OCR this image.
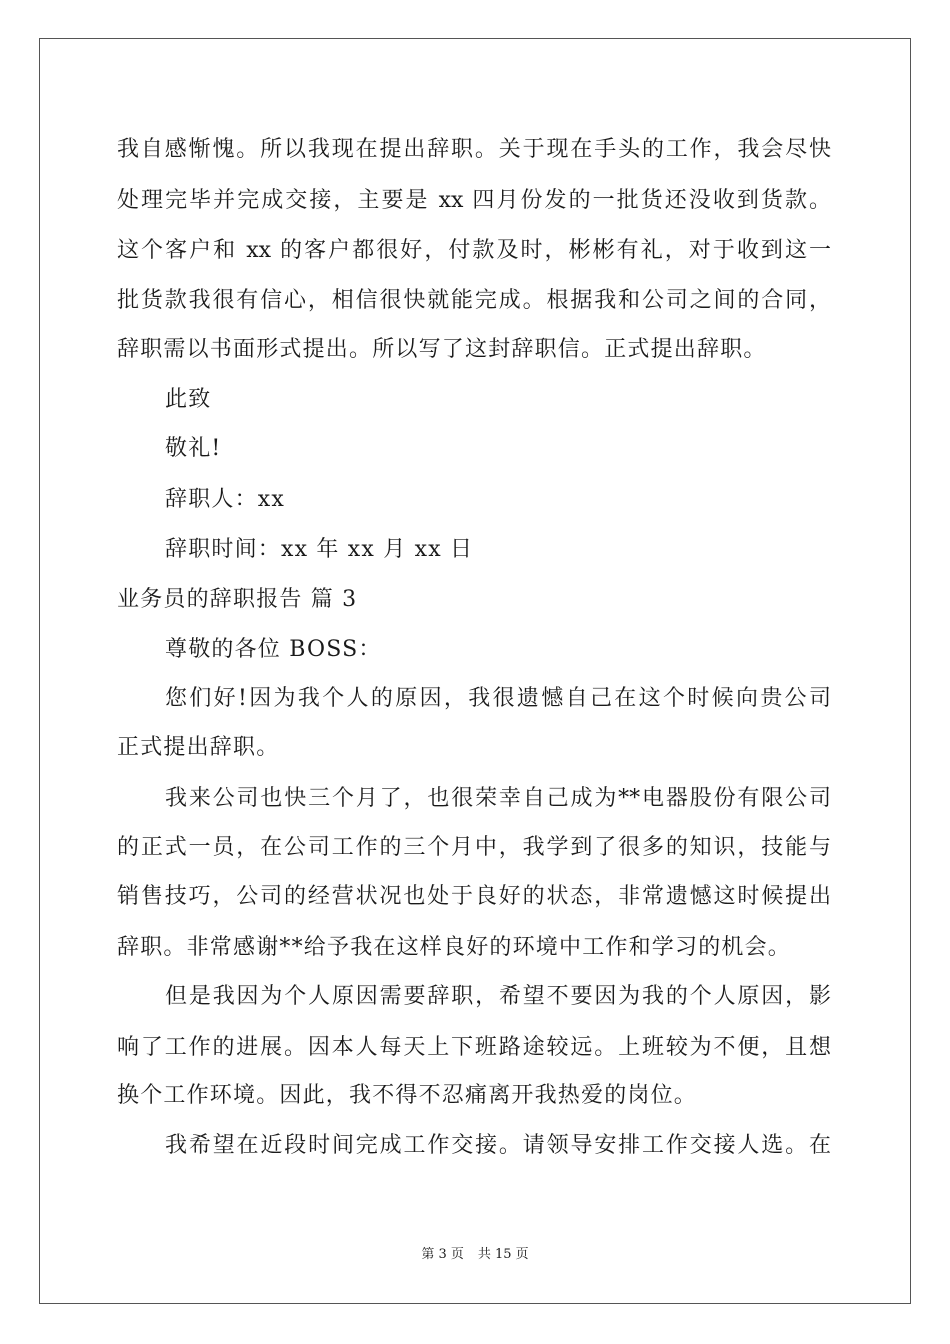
我自感惭愧。所以我现在提出辞职。关于现在手头的工作，我会尽快
处理完毕并完成交接，主要是 xx 四月份发的一批货还没收到货款。
这个客户和 xx 的客户都很好，付款及时，彬彬有礼，对于收到这一
批货款我很有信心，相信很快就能完成。根据我和公司之间的合同，
辞职需以书面形式提出。所以写了这封辞职信。正式提出辞职。
此致
敬礼!
辞职人：xx
辞职时间：xx 年 xx 月 xx 日
业务员的辞职报告 篇 3
尊敬的各位 BOSS：
您们好!因为我个人的原因，我很遗憾自己在这个时候向贵公司
正式提出辞职。
我来公司也快三个月了，也很荣幸自己成为**电器股份有限公司
的正式一员，在公司工作的三个月中，我学到了很多的知识，技能与
销售技巧，公司的经营状况也处于良好的状态，非常遗憾这时候提出
辞职。非常感谢**给予我在这样良好的环境中工作和学习的机会。
但是我因为个人原因需要辞职，希望不要因为我的个人原因，影
响了工作的进展。因本人每天上下班路途较远。上班较为不便，且想
换个工作环境。因此，我不得不忍痛离开我热爱的岗位。
我希望在近段时间完成工作交接。请领导安排工作交接人选。在
第 3 页 共 15 页
